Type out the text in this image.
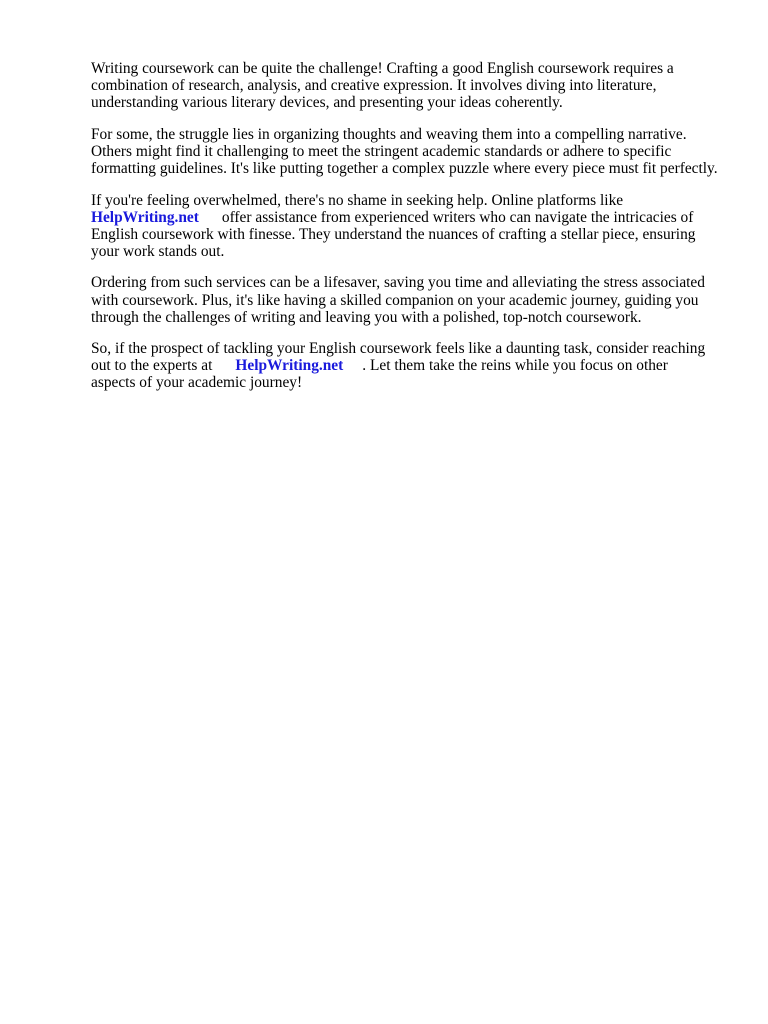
Writing coursework can be quite the challenge! Crafting a good English coursework requires a
combination of research, analysis, and creative expression. It involves diving into literature,
understanding various literary devices, and presenting your ideas coherently.
For some, the struggle lies in organizing thoughts and weaving them into a compelling narrative.
Others might find it challenging to meet the stringent academic standards or adhere to specific
formatting guidelines. It's like putting together a complex puzzle where every piece must fit perfectly.
If you're feeling overwhelmed, there's no shame in seeking help. Online platforms like
HelpWriting.net offer assistance from experienced writers who can navigate the intricacies of
English coursework with finesse. They understand the nuances of crafting a stellar piece, ensuring
your work stands out.
Ordering from such services can be a lifesaver, saving you time and alleviating the stress associated
with coursework. Plus, it's like having a skilled companion on your academic journey, guiding you
through the challenges of writing and leaving you with a polished, top-notch coursework.
So, if the prospect of tackling your English coursework feels like a daunting task, consider reaching
out to the experts at HelpWriting.net . Let them take the reins while you focus on other
aspects of your academic journey!
